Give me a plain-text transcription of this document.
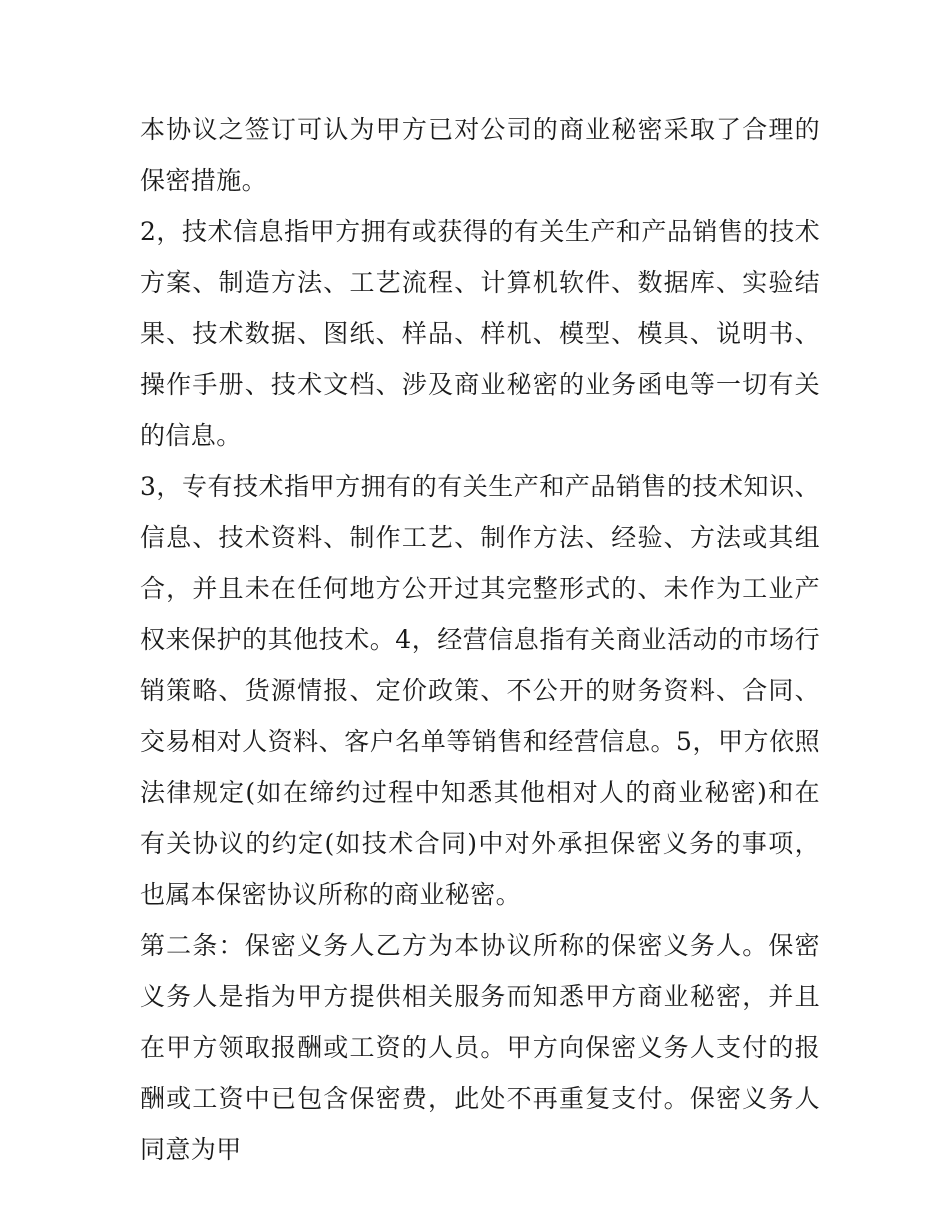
本协议之签订可认为甲方已对公司的商业秘密采取了合理的保密措施。

2，技术信息指甲方拥有或获得的有关生产和产品销售的技术方案、制造方法、工艺流程、计算机软件、数据库、实验结果、技术数据、图纸、样品、样机、模型、模具、说明书、操作手册、技术文档、涉及商业秘密的业务函电等一切有关的信息。

3，专有技术指甲方拥有的有关生产和产品销售的技术知识、信息、技术资料、制作工艺、制作方法、经验、方法或其组合，并且未在任何地方公开过其完整形式的、未作为工业产权来保护的其他技术。4，经营信息指有关商业活动的市场行销策略、货源情报、定价政策、不公开的财务资料、合同、交易相对人资料、客户名单等销售和经营信息。5，甲方依照法律规定(如在缔约过程中知悉其他相对人的商业秘密)和在有关协议的约定(如技术合同)中对外承担保密义务的事项，也属本保密协议所称的商业秘密。

第二条：保密义务人乙方为本协议所称的保密义务人。保密义务人是指为甲方提供相关服务而知悉甲方商业秘密，并且在甲方领取报酬或工资的人员。甲方向保密义务人支付的报酬或工资中已包含保密费，此处不再重复支付。保密义务人同意为甲
